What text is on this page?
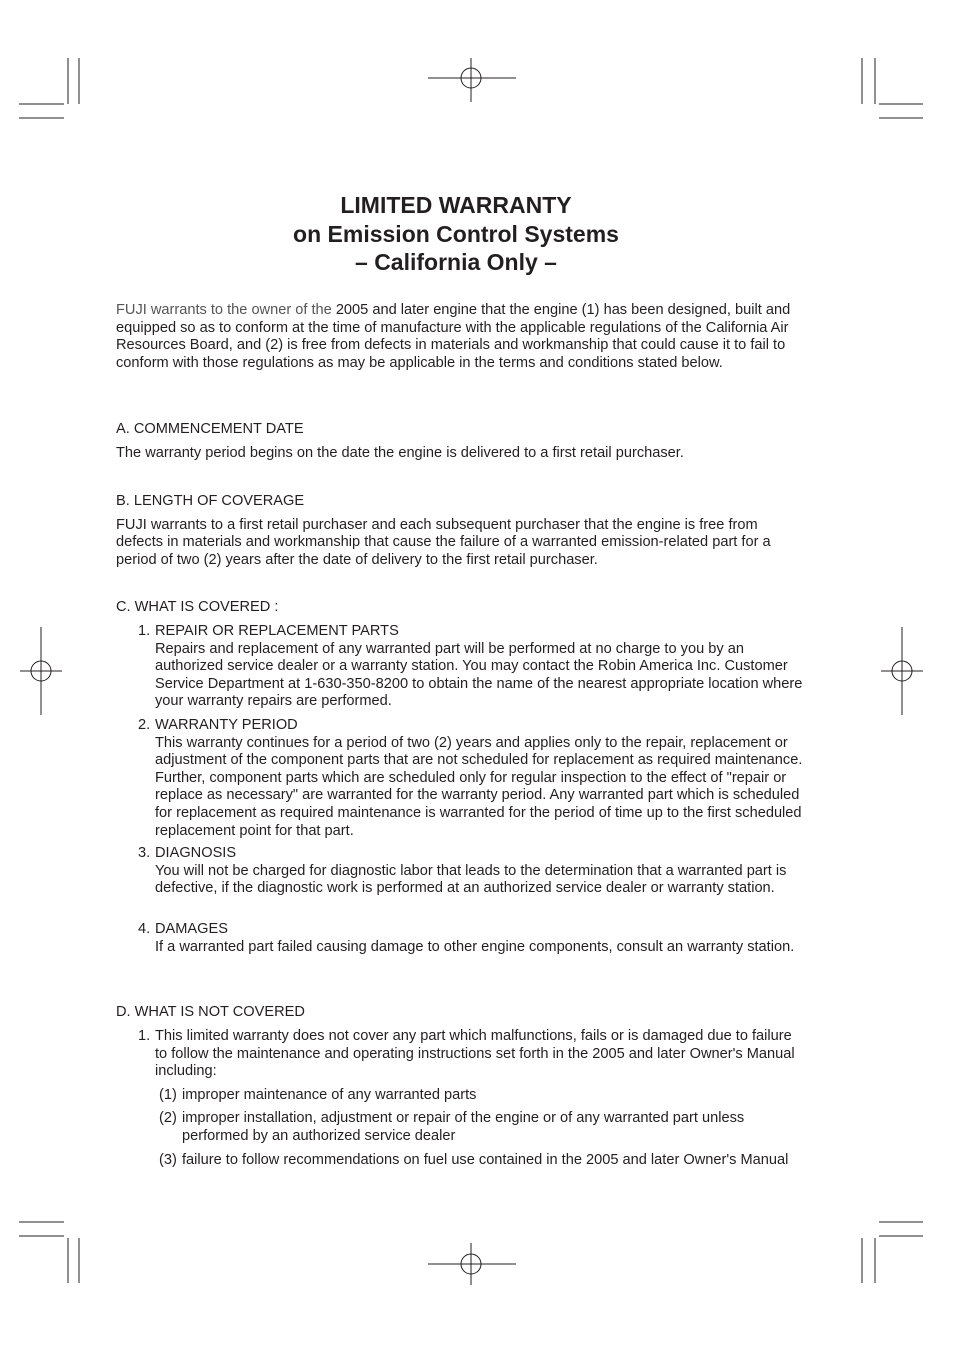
LIMITED WARRANTY
on Emission Control Systems
– California Only –

FUJI warrants to the owner of the 2005 and later engine that the engine (1) has been designed, built and equipped so as to conform at the time of manufacture with the applicable regulations of the California Air Resources Board, and (2) is free from defects in materials and workmanship that could cause it to fail to conform with those regulations as may be applicable in the terms and conditions stated below.

A. COMMENCEMENT DATE

The warranty period begins on the date the engine is delivered to a first retail purchaser.

B. LENGTH OF COVERAGE

FUJI warrants to a first retail purchaser and each subsequent purchaser that the engine is free from defects in materials and workmanship that cause the failure of a warranted emission-related part for a period of two (2) years after the date of delivery to the first retail purchaser.

C. WHAT IS COVERED :

1. REPAIR OR REPLACEMENT PARTS
Repairs and replacement of any warranted part will be performed at no charge to you by an authorized service dealer or a warranty station. You may contact the Robin America Inc. Customer Service Department at 1-630-350-8200 to obtain the name of the nearest appropriate location where your warranty repairs are performed.
2. WARRANTY PERIOD
This warranty continues for a period of two (2) years and applies only to the repair, replacement or adjustment of the component parts that are not scheduled for replacement as required maintenance. Further, component parts which are scheduled only for regular inspection to the effect of "repair or replace as necessary" are warranted for the warranty period. Any warranted part which is scheduled for replacement as required maintenance is warranted for the period of time up to the first scheduled replacement point for that part.
3. DIAGNOSIS
You will not be charged for diagnostic labor that leads to the determination that a warranted part is defective, if the diagnostic work is performed at an authorized service dealer or warranty station.
4. DAMAGES
If a warranted part failed causing damage to other engine components, consult an warranty station.

D. WHAT IS NOT COVERED

1. This limited warranty does not cover any part which malfunctions, fails or is damaged due to failure to follow the maintenance and operating instructions set forth in the 2005 and later Owner's Manual including:
(1) improper maintenance of any warranted parts
(2) improper installation, adjustment or repair of the engine or of any warranted part unless performed by an authorized service dealer
(3) failure to follow recommendations on fuel use contained in the 2005 and later Owner's Manual
